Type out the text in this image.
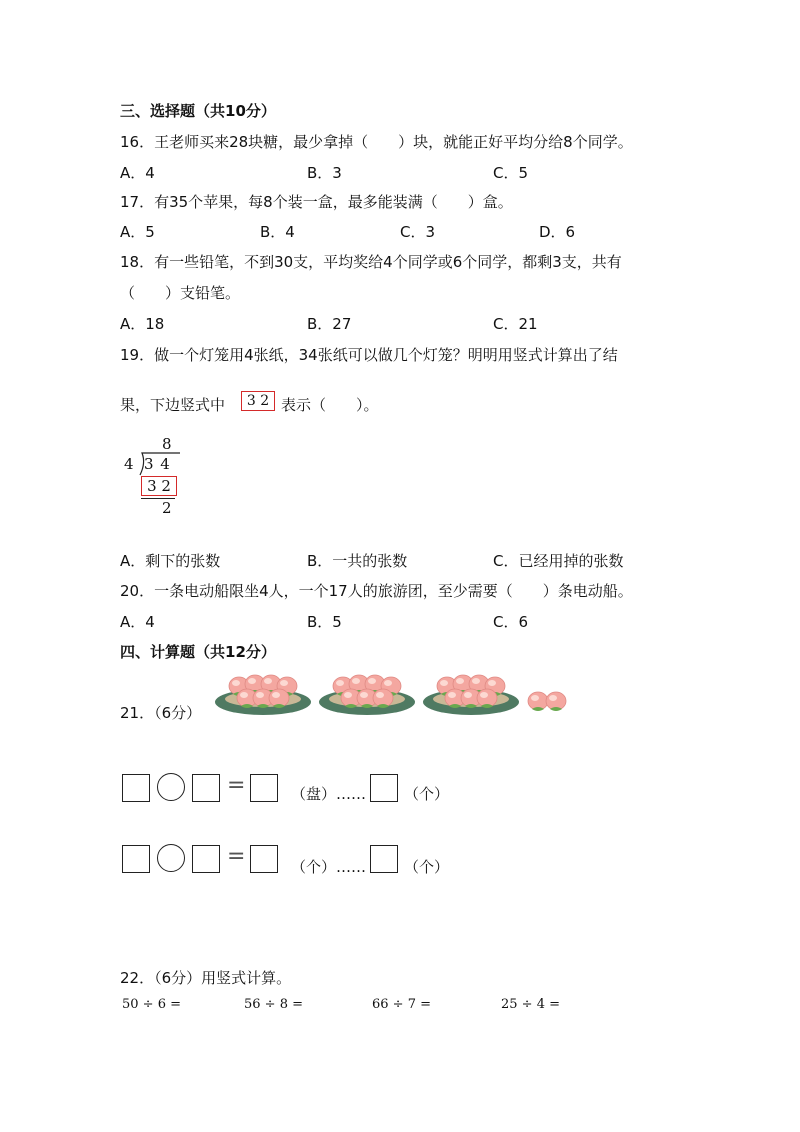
三、选择题（共10分）
16．王老师买来28块糖，最少拿掉（　　）块，就能正好平均分给8个同学。
A．4	B．3	C．5
17．有35个苹果，每8个装一盒，最多能装满（　　）盒。
A．5	B．4	C．3	D．6
18．有一些铅笔，不到30支，平均奖给4个同学或6个同学，都剩3支，共有
（　　）支铅笔。
A．18	B．27	C．21
19．做一个灯笼用4张纸，34张纸可以做几个灯笼？明明用竖式计算出了结
果，下边竖式中	3 2 表示（　　）。
8
4 3 4
3 2
2
A．剩下的张数	B．一共的张数	C．已经用掉的张数
20．一条电动船限坐4人，一个17人的旅游团，至少需要（　　）条电动船。
A．4	B．5	C．6
四、计算题（共12分）
21．（6分）
=	（盘）……	（个）
=	（个）……	（个）
22．（6分）用竖式计算。
50 ÷ 6 =	56 ÷ 8 =	66 ÷ 7 =	25 ÷ 4 =
